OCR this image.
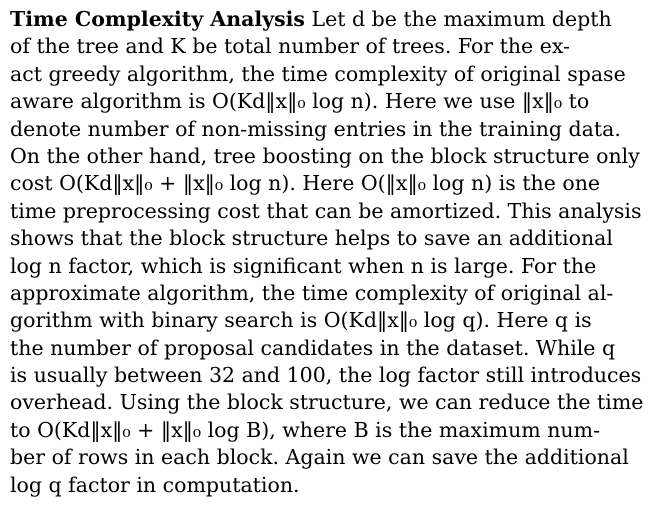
Time Complexity Analysis Let d be the maximum depth
of the tree and K be total number of trees. For the ex-
act greedy algorithm, the time complexity of original spase
aware algorithm is O(Kd‖x‖₀ log n). Here we use ‖x‖₀ to
denote number of non-missing entries in the training data.
On the other hand, tree boosting on the block structure only
cost O(Kd‖x‖₀ + ‖x‖₀ log n). Here O(‖x‖₀ log n) is the one
time preprocessing cost that can be amortized. This analysis
shows that the block structure helps to save an additional
log n factor, which is significant when n is large. For the
approximate algorithm, the time complexity of original al-
gorithm with binary search is O(Kd‖x‖₀ log q). Here q is
the number of proposal candidates in the dataset. While q
is usually between 32 and 100, the log factor still introduces
overhead. Using the block structure, we can reduce the time
to O(Kd‖x‖₀ + ‖x‖₀ log B), where B is the maximum num-
ber of rows in each block. Again we can save the additional
log q factor in computation.
